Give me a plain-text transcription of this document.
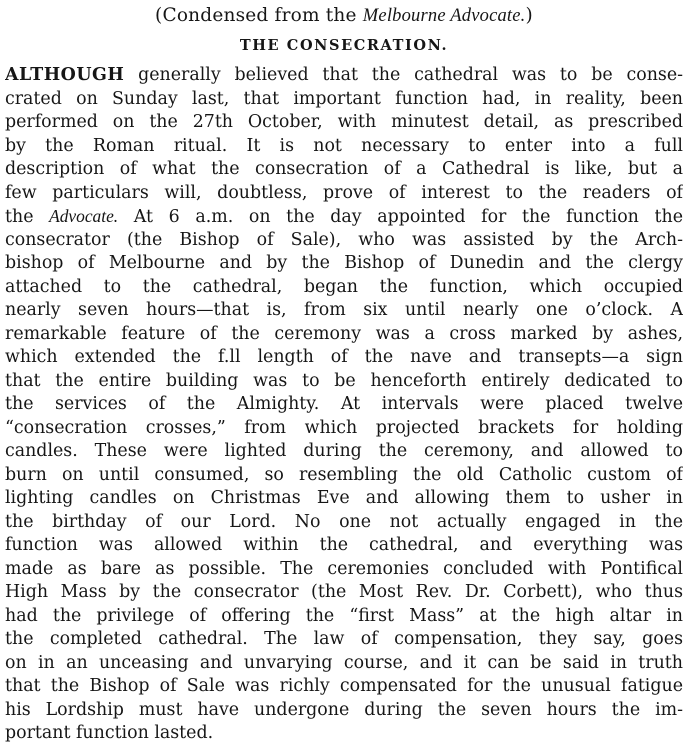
(Condensed from the Melbourne Advocate.)
THE CONSECRATION.
ALTHOUGH generally believed that the cathedral was to be conse-
crated on Sunday last, that important function had, in reality, been
performed on the 27th October, with minutest detail, as prescribed
by the Roman ritual. It is not necessary to enter into a full
description of what the consecration of a Cathedral is like, but a
few particulars will, doubtless, prove of interest to the readers of
the Advocate. At 6 a.m. on the day appointed for the function the
consecrator (the Bishop of Sale), who was assisted by the Arch-
bishop of Melbourne and by the Bishop of Dunedin and the clergy
attached to the cathedral, began the function, which occupied
nearly seven hours—that is, from six until nearly one o’clock. A
remarkable feature of the ceremony was a cross marked by ashes,
which extended the f.ll length of the nave and transepts—a sign
that the entire building was to be henceforth entirely dedicated to
the services of the Almighty. At intervals were placed twelve
“consecration crosses,” from which projected brackets for holding
candles. These were lighted during the ceremony, and allowed to
burn on until consumed, so resembling the old Catholic custom of
lighting candles on Christmas Eve and allowing them to usher in
the birthday of our Lord. No one not actually engaged in the
function was allowed within the cathedral, and everything was
made as bare as possible. The ceremonies concluded with Pontifical
High Mass by the consecrator (the Most Rev. Dr. Corbett), who thus
had the privilege of offering the “first Mass” at the high altar in
the completed cathedral. The law of compensation, they say, goes
on in an unceasing and unvarying course, and it can be said in truth
that the Bishop of Sale was richly compensated for the unusual fatigue
his Lordship must have undergone during the seven hours the im-
portant function lasted.
